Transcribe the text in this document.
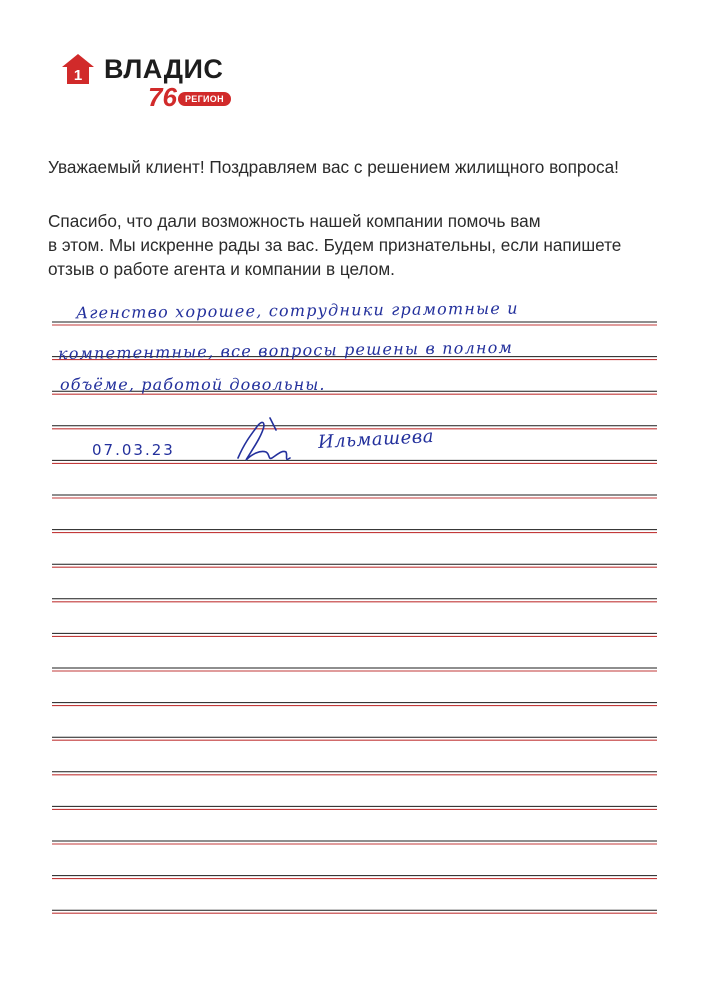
1 ВЛАДИС
76 РЕГИОН
Уважаемый клиент! Поздравляем вас с решением жилищного вопроса!

Спасибо, что дали возможность нашей компании помочь вам

в этом. Мы искренне рады за вас. Будем признательны, если напишете

отзыв о работе агента и компании в целом.

Агенство хорошее, сотрудники грамотные и
компетентные, все вопросы решены в полном
объёме, работой довольны.
07.03.23	Ильмашева
